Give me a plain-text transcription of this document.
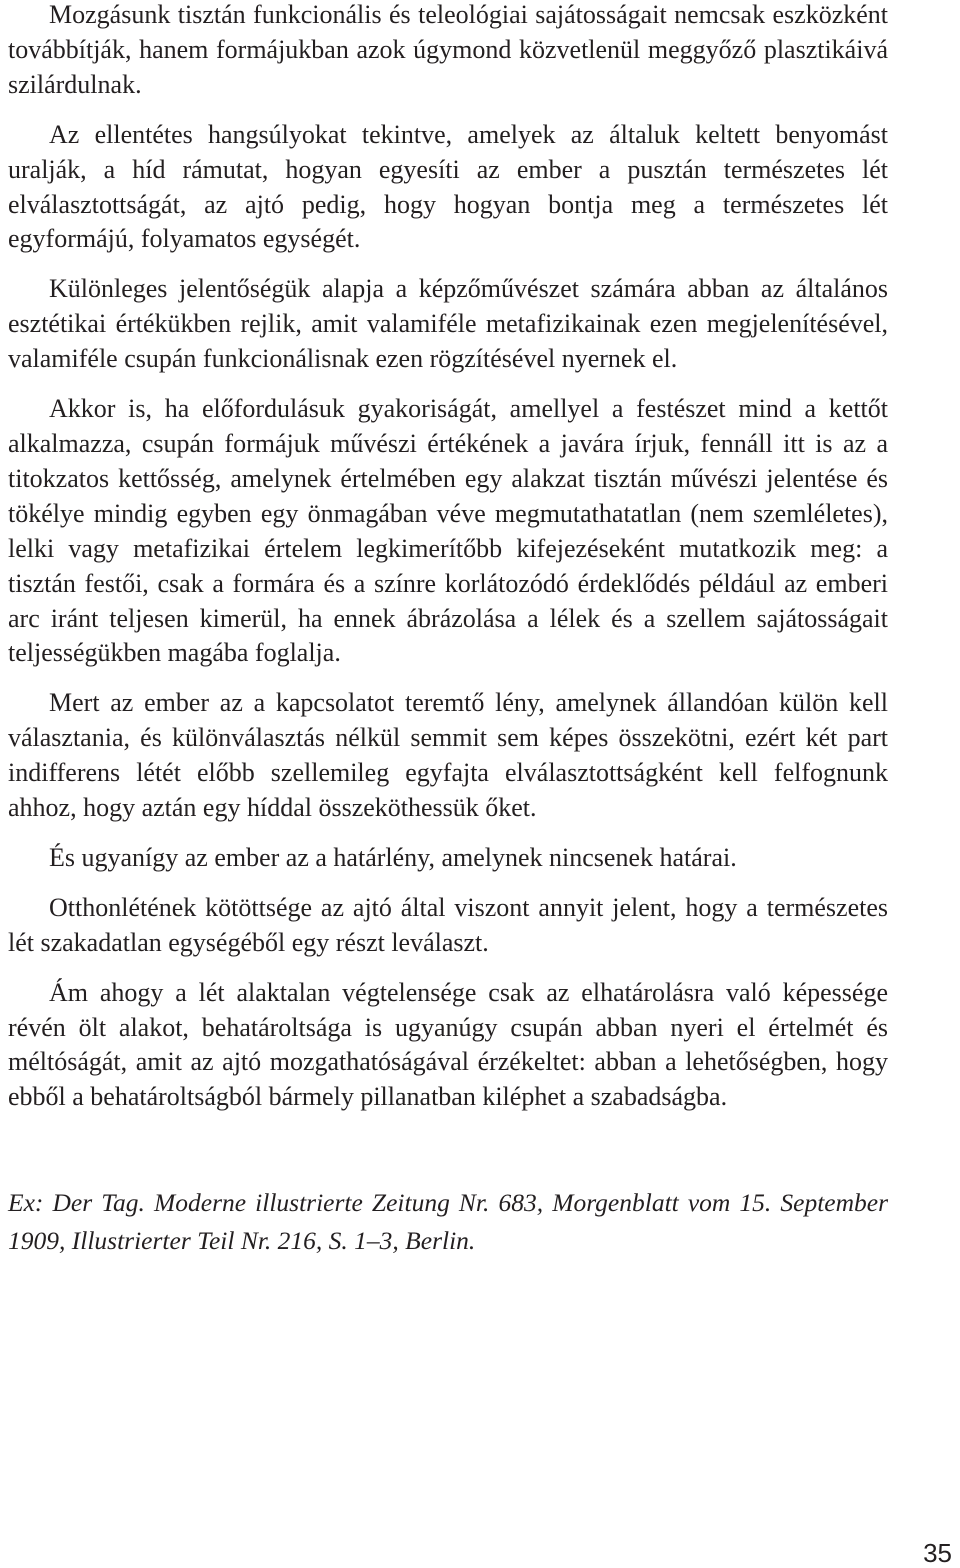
Mozgásunk tisztán funkcionális és teleológiai sajátosságait nemcsak eszközként továbbítják, hanem formájukban azok úgymond közvetlenül meggyőző plasztikáivá szilárdulnak.

Az ellentétes hangsúlyokat tekintve, amelyek az általuk keltett benyomást uralják, a híd rámutat, hogyan egyesíti az ember a pusztán természetes lét elválasztottságát, az ajtó pedig, hogy hogyan bontja meg a természetes lét egyformájú, folyamatos egységét.

Különleges jelentőségük alapja a képzőművészet számára abban az általános esztétikai értékükben rejlik, amit valamiféle metafizikainak ezen megjelenítésével, valamiféle csupán funkcionálisnak ezen rögzítésével nyernek el.

Akkor is, ha előfordulásuk gyakoriságát, amellyel a festészet mind a kettőt alkalmazza, csupán formájuk művészi értékének a javára írjuk, fennáll itt is az a titokzatos kettősség, amelynek értelmében egy alakzat tisztán művészi jelentése és tökélye mindig egyben egy önmagában véve megmutathatatlan (nem szemléletes), lelki vagy metafizikai értelem legkimerítőbb kifejezéseként mutatkozik meg: a tisztán festői, csak a formára és a színre korlátozódó érdeklődés például az emberi arc iránt teljesen kimerül, ha ennek ábrázolása a lélek és a szellem sajátosságait teljességükben magába foglalja.

Mert az ember az a kapcsolatot teremtő lény, amelynek állandóan külön kell választania, és különválasztás nélkül semmit sem képes összekötni, ezért két part indifferens létét előbb szellemileg egyfajta elválasztottságként kell felfognunk ahhoz, hogy aztán egy híddal összeköthessük őket.

És ugyanígy az ember az a határlény, amelynek nincsenek határai.

Otthonlétének kötöttsége az ajtó által viszont annyit jelent, hogy a természetes lét szakadatlan egységéből egy részt leválaszt.

Ám ahogy a lét alaktalan végtelensége csak az elhatárolásra való képessége révén ölt alakot, behatároltsága is ugyanúgy csupán abban nyeri el értelmét és méltóságát, amit az ajtó mozgathatóságával érzékeltet: abban a lehetőségben, hogy ebből a behatároltságból bármely pillanatban kiléphet a szabadságba.

Ex: Der Tag. Moderne illustrierte Zeitung Nr. 683, Morgenblatt vom 15. September 1909, Illustrierter Teil Nr. 216, S. 1–3, Berlin.

35
